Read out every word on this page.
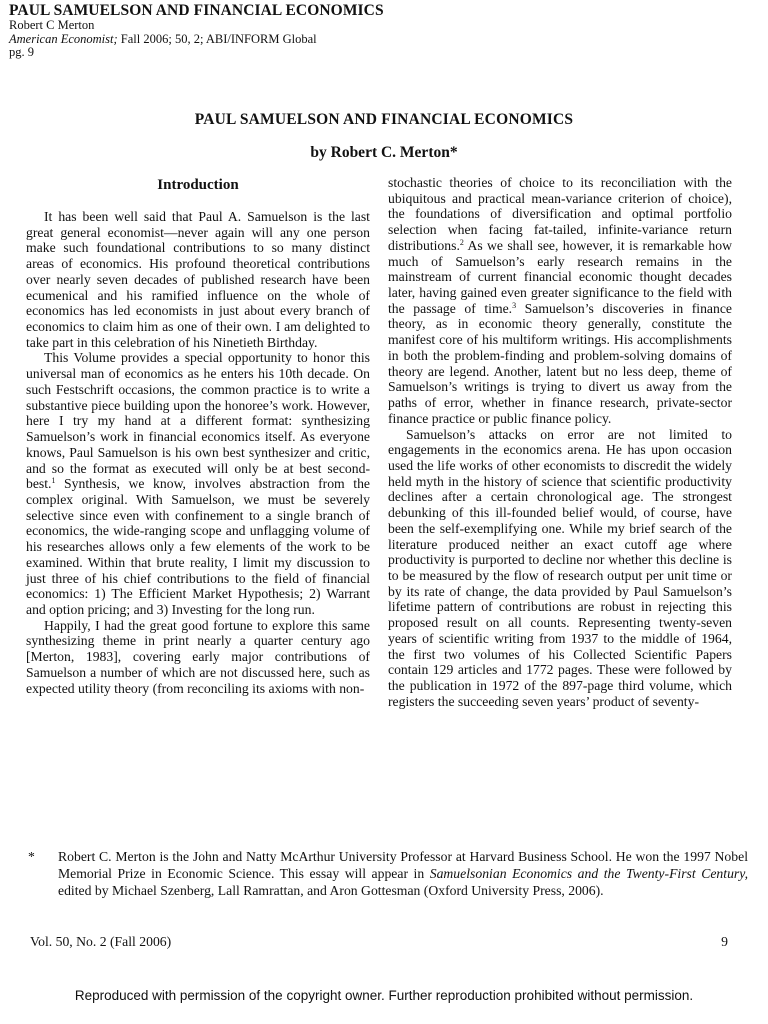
PAUL SAMUELSON AND FINANCIAL ECONOMICS
Robert C Merton
American Economist; Fall 2006; 50, 2; ABI/INFORM Global
pg. 9
PAUL SAMUELSON AND FINANCIAL ECONOMICS
by Robert C. Merton*
Introduction

It has been well said that Paul A. Samuelson is the last great general economist—never again will any one person make such foundational contributions to so many distinct areas of economics. His profound theoretical contributions over nearly seven decades of published research have been ecumenical and his ramified influence on the whole of economics has led economists in just about every branch of economics to claim him as one of their own. I am delighted to take part in this celebration of his Ninetieth Birthday.

This Volume provides a special opportunity to honor this universal man of economics as he enters his 10th decade. On such Festschrift occasions, the common practice is to write a substantive piece building upon the honoree’s work. However, here I try my hand at a different format: synthesizing Samuelson’s work in financial economics itself. As everyone knows, Paul Samuelson is his own best synthesizer and critic, and so the format as executed will only be at best second-best.$^1$ Synthesis, we know, involves abstraction from the complex original. With Samuelson, we must be severely selective since even with confinement to a single branch of economics, the wide-ranging scope and unflagging volume of his researches allows only a few elements of the work to be examined. Within that brute reality, I limit my discussion to just three of his chief contributions to the field of financial economics: 1) The Efficient Market Hypothesis; 2) Warrant and option pricing; and 3) Investing for the long run.

Happily, I had the great good fortune to explore this same synthesizing theme in print nearly a quarter century ago [Merton, 1983], covering early major contributions of Samuelson a number of which are not discussed here, such as expected utility theory (from reconciling its axioms with non-

stochastic theories of choice to its reconciliation with the ubiquitous and practical mean-variance criterion of choice), the foundations of diversification and optimal portfolio selection when facing fat-tailed, infinite-variance return distributions.$^2$ As we shall see, however, it is remarkable how much of Samuelson’s early research remains in the mainstream of current financial economic thought decades later, having gained even greater significance to the field with the passage of time.$^3$ Samuelson’s discoveries in finance theory, as in economic theory generally, constitute the manifest core of his multiform writings. His accomplishments in both the problem-finding and problem-solving domains of theory are legend. Another, latent but no less deep, theme of Samuelson’s writings is trying to divert us away from the paths of error, whether in finance research, private-sector finance practice or public finance policy.

Samuelson’s attacks on error are not limited to engagements in the economics arena. He has upon occasion used the life works of other economists to discredit the widely held myth in the history of science that scientific productivity declines after a certain chronological age. The strongest debunking of this ill-founded belief would, of course, have been the self-exemplifying one. While my brief search of the literature produced neither an exact cutoff age where productivity is purported to decline nor whether this decline is to be measured by the flow of research output per unit time or by its rate of change, the data provided by Paul Samuelson’s lifetime pattern of contributions are robust in rejecting this proposed result on all counts. Representing twenty-seven years of scientific writing from 1937 to the middle of 1964, the first two volumes of his Collected Scientific Papers contain 129 articles and 1772 pages. These were followed by the publication in 1972 of the 897-page third volume, which registers the succeeding seven years’ product of seventy-

* Robert C. Merton is the John and Natty McArthur University Professor at Harvard Business School. He won the 1997 Nobel Memorial Prize in Economic Science. This essay will appear in Samuelsonian Economics and the Twenty-First Century, edited by Michael Szenberg, Lall Ramrattan, and Aron Gottesman (Oxford University Press, 2006).
Vol. 50, No. 2 (Fall 2006)	9
Reproduced with permission of the copyright owner. Further reproduction prohibited without permission.
